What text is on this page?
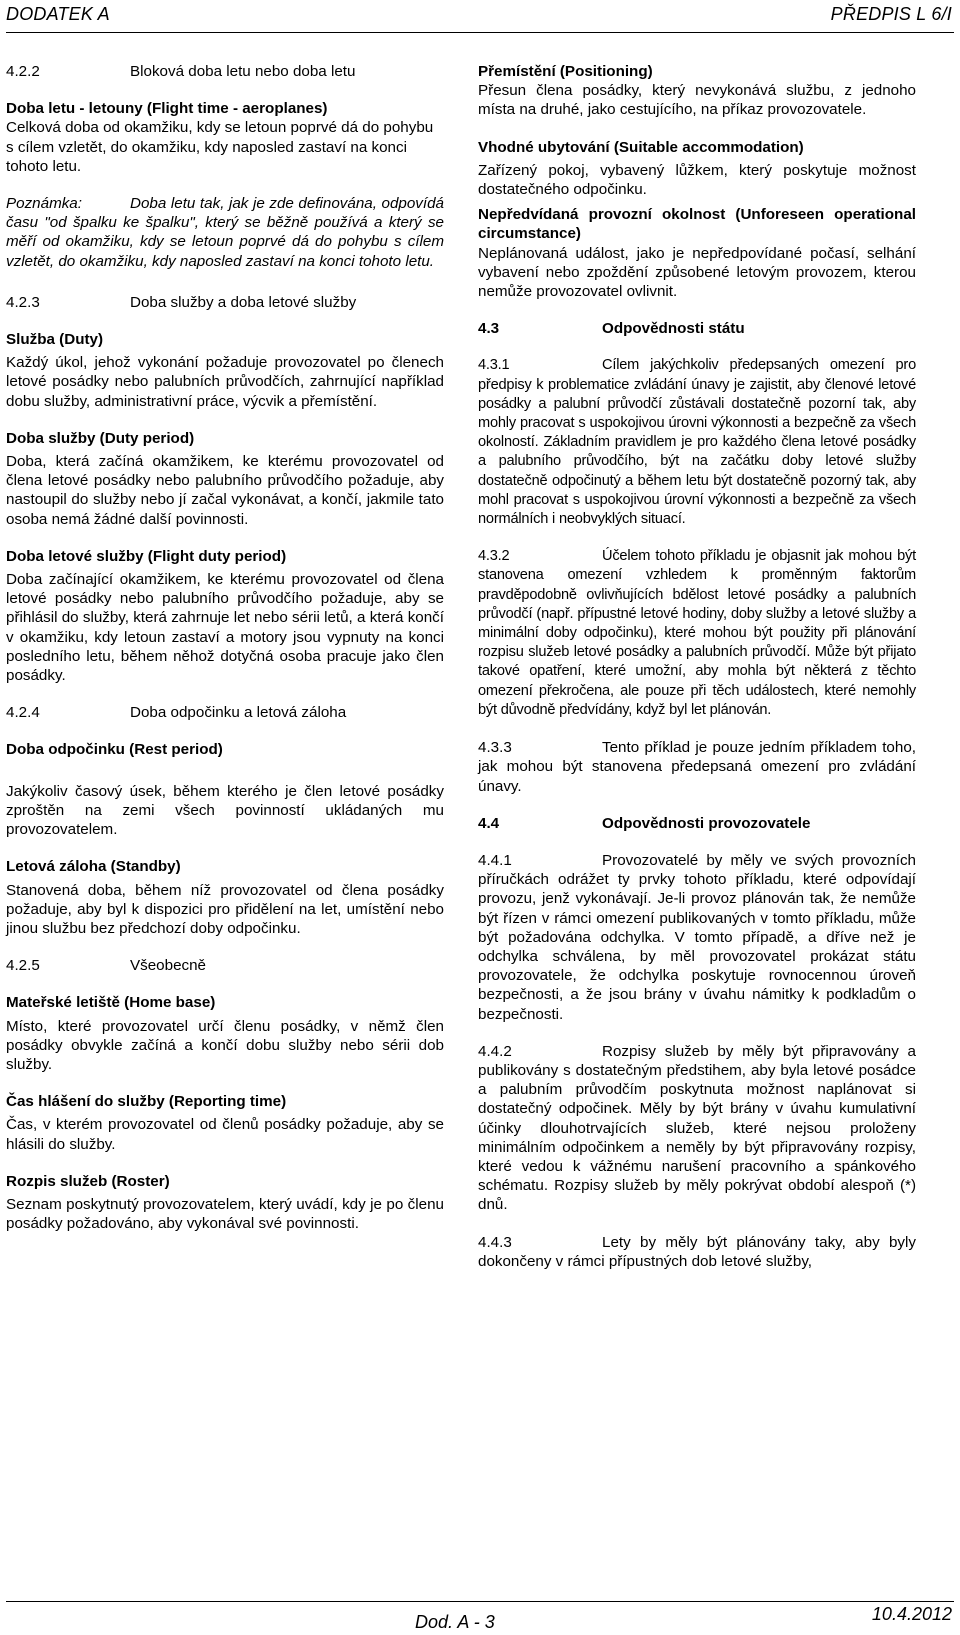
DODATEK A	PŘEDPIS L 6/I

4.2.2	Bloková doba letu nebo doba letu

Doba letu - letouny (Flight time - aeroplanes)

Celková doba od okamžiku, kdy se letoun poprvé dá do pohybu s cílem vzletět, do okamžiku, kdy naposled zastaví na konci tohoto letu.

Poznámka:	Doba letu tak, jak je zde definována, odpovídá času "od špalku ke špalku", který se běžně používá a který se měří od okamžiku, kdy se letoun poprvé dá do pohybu s cílem vzletět, do okamžiku, kdy naposled zastaví na konci tohoto letu.

4.2.3	Doba služby a doba letové služby

Služba (Duty)

Každý úkol, jehož vykonání požaduje provozovatel po členech letové posádky nebo palubních průvodčích, zahrnující například dobu služby, administrativní práce, výcvik a přemístění.

Doba služby (Duty period)

Doba, která začíná okamžikem, ke kterému provozovatel od člena letové posádky nebo palubního průvodčího požaduje, aby nastoupil do služby nebo jí začal vykonávat, a končí, jakmile tato osoba nemá žádné další povinnosti.

Doba letové služby (Flight duty period)

Doba začínající okamžikem, ke kterému provozovatel od člena letové posádky nebo palubního průvodčího požaduje, aby se přihlásil do služby, která zahrnuje let nebo sérii letů, a která končí v okamžiku, kdy letoun zastaví a motory jsou vypnuty na konci posledního letu, během něhož dotyčná osoba pracuje jako člen posádky.

4.2.4	Doba odpočinku a letová záloha

Doba odpočinku (Rest period)

Jakýkoliv časový úsek, během kterého je člen letové posádky zproštěn na zemi všech povinností ukládaných mu provozovatelem.

Letová záloha (Standby)

Stanovená doba, během níž provozovatel od člena posádky požaduje, aby byl k dispozici pro přidělení na let, umístění nebo jinou službu bez předchozí doby odpočinku.

4.2.5	Všeobecně

Mateřské letiště (Home base)

Místo, které provozovatel určí členu posádky, v němž člen posádky obvykle začíná a končí dobu služby nebo sérii dob služby.

Čas hlášení do služby (Reporting time)

Čas, v kterém provozovatel od členů posádky požaduje, aby se hlásili do služby.

Rozpis služeb (Roster)

Seznam poskytnutý provozovatelem, který uvádí, kdy je po členu posádky požadováno, aby vykonával své povinnosti.

Přemístění (Positioning)

Přesun člena posádky, který nevykonává službu, z jednoho místa na druhé, jako cestujícího, na příkaz provozovatele.

Vhodné ubytování (Suitable accommodation)

Zařízený pokoj, vybavený lůžkem, který poskytuje možnost dostatečného odpočinku.

Nepředvídaná provozní okolnost (Unforeseen operational circumstance)

Neplánovaná událost, jako je nepředpovídané počasí, selhání vybavení nebo zpoždění způsobené letovým provozem, kterou nemůže provozovatel ovlivnit.

4.3	Odpovědnosti státu

4.3.1	Cílem jakýchkoliv předepsaných omezení pro předpisy k problematice zvládání únavy je zajistit, aby členové letové posádky a palubní průvodčí zůstávali dostatečně pozorní tak, aby mohly pracovat s uspokojivou úrovni výkonnosti a bezpečně za všech okolností. Základním pravidlem je pro každého člena letové posádky a palubního průvodčího, být na začátku doby letové služby dostatečně odpočinutý a během letu být dostatečně pozorný tak, aby mohl pracovat s uspokojivou úrovní výkonnosti a bezpečně za všech normálních i neobvyklých situací.

4.3.2	Účelem tohoto příkladu je objasnit jak mohou být stanovena omezení vzhledem k proměnným faktorům pravděpodobně ovlivňujících bdělost letové posádky a palubních průvodčí (např. přípustné letové hodiny, doby služby a letové služby a minimální doby odpočinku), které mohou být použity při plánování rozpisu služeb letové posádky a palubních průvodčí. Může být přijato takové opatření, které umožní, aby mohla být některá z těchto omezení překročena, ale pouze při těch událostech, které nemohly být důvodně předvídány, když byl let plánován.

4.3.3	Tento příklad je pouze jedním příkladem toho, jak mohou být stanovena předepsaná omezení pro zvládání únavy.

4.4	Odpovědnosti provozovatele

4.4.1	Provozovatelé by měly ve svých provozních příručkách odrážet ty prvky tohoto příkladu, které odpovídají provozu, jenž vykonávají. Je-li provoz plánován tak, že nemůže být řízen v rámci omezení publikovaných v tomto příkladu, může být požadována odchylka. V tomto případě, a dříve než je odchylka schválena, by měl provozovatel prokázat státu provozovatele, že odchylka poskytuje rovnocennou úroveň bezpečnosti, a že jsou brány v úvahu námitky k podkladům o bezpečnosti.

4.4.2	Rozpisy služeb by měly být připravovány a publikovány s dostatečným předstihem, aby byla letové posádce a palubním průvodčím poskytnuta možnost naplánovat si dostatečný odpočinek. Měly by být brány v úvahu kumulativní účinky dlouhotrvajících služeb, které nejsou proloženy minimálním odpočinkem a neměly by být připravovány rozpisy, které vedou k vážnému narušení pracovního a spánkového schématu. Rozpisy služeb by měly pokrývat období alespoň (*) dnů.

4.4.3	Lety by měly být plánovány taky, aby byly dokončeny v rámci přípustných dob letové služby,

Dod. A - 3	10.4.2012
